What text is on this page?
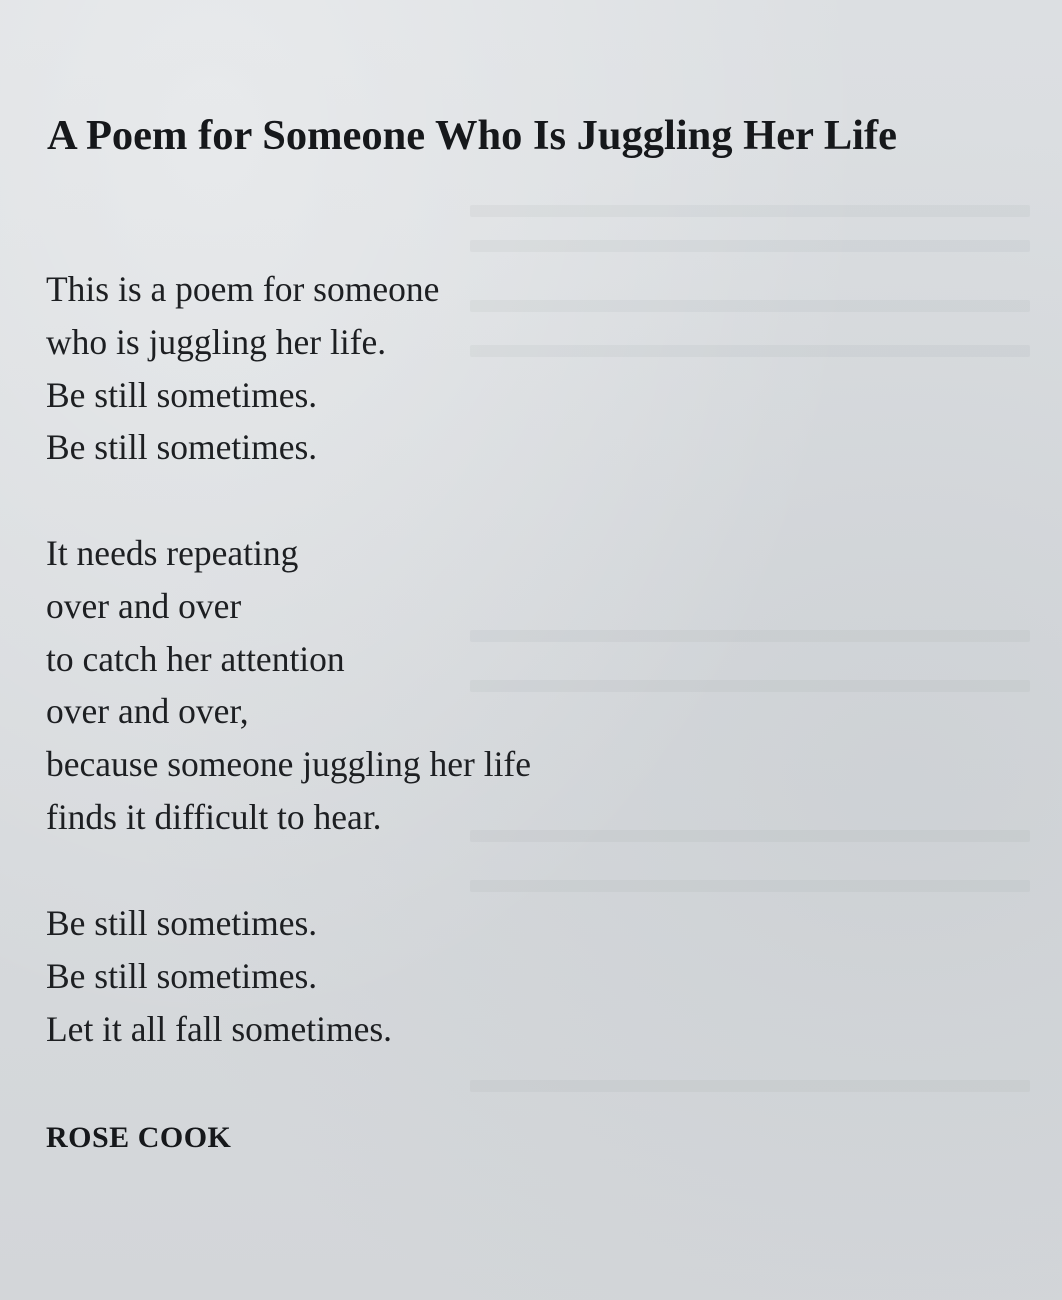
A Poem for Someone Who Is Juggling Her Life

This is a poem for someone
who is juggling her life.
Be still sometimes.
Be still sometimes.

It needs repeating
over and over
to catch her attention
over and over,
because someone juggling her life
finds it difficult to hear.

Be still sometimes.
Be still sometimes.
Let it all fall sometimes.

ROSE COOK
